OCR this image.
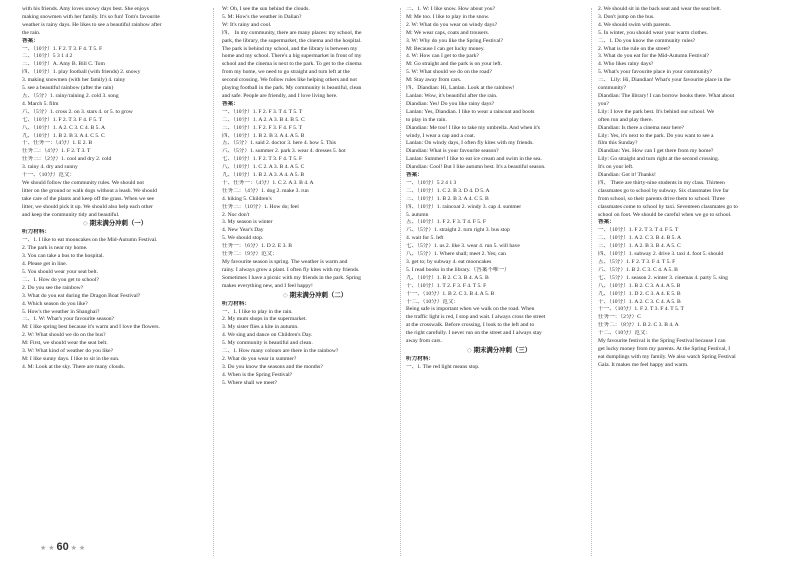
with his friends. Amy loves snowy days best. She enjoys
making snowmen with her family. It's so fun! Tom's favourite
weather is rainy days. He likes to see a beautiful rainbow after
the rain.
答案：
一、（10分）1. F 2. T 3. F 4. T 5. F
二、（10分）5 3 1 4 2
三、（10分）A. Amy B. Bill C. Tom
四、（10分）1. play football (with friends) 2. snowy
3. making snowmen (with her family) 4. rainy
5. see a beautiful rainbow (after the rain)
五、（5分）1. rainy/raining 2. cold 3. song
4. March 5. film
六、（5分）1. cross 2. on 3. stars 4. or 5. to grow
七、（10分）1. F 2. T 3. F 4. F 5. T
八、（10分）1. A 2. C 3. C 4. B 5. A
九、（10分）1. B 2. B 3. A 4. C 5. C
十、任务一：（4分）1. E 2. B
任务二：（4分）1. F 2. T 3. T
任务三：（2分）1. cool and dry 2. cold
3. rainy 4. dry and sunny
十一、（10分）范文：
We should follow the community rules. We should not
litter on the ground or walk dogs without a leash. We should
take care of the plants and keep off the grass. When we see
litter, we should pick it up. We should also help each other
and keep the community tidy and beautiful.
◇ 期末满分冲刺（一）
听力材料：
一、1. I like to eat mooncakes on the Mid-Autumn Festival.
2. The park is near my home.
3. You can take a bus to the hospital.
4. Please get in line.
5. You should wear your seat belt.
二、1. How do you get to school?
2. Do you see the rainbow?
3. What do you eat during the Dragon Boat Festival?
4. Which season do you like?
5. How's the weather in Shanghai?
三、1. W: What's your favourite season?
M: I like spring best because it's warm and I love the flowers.
2. W: What should we do on the bus?
M: First, we should wear the seat belt.
3. W: What kind of weather do you like?
M: I like sunny days. I like to sit in the sun.
4. M: Look at the sky. There are many clouds.
W: Oh, I see the sun behind the clouds.
5. M: How's the weather in Dalian?
W: It's rainy and cool.
四、 In my community, there are many places: my school, the
park, the library, the supermarket, the cinema and the hospital.
The park is behind my school, and the library is between my
home and my school. There's a big supermarket in front of my
school and the cinema is next to the park. To get to the cinema
from my home, we need to go straight and turn left at the
second crossing. We follow rules like helping others and not
playing football in the park. My community is beautiful, clean
and safe. People are friendly, and I love living here.
答案：
一、（10分）1. F 2. F 3. T 4. T 5. T
二、（10分）1. A 2. A 3. B 4. B 5. C
三、（10分）1. F 2. F 3. F 4. F 5. T
四、（10分）1. B 2. B 3. A 4. A 5. B
五、（5分）1. said 2. doctor 3. here 4. how 5. This
六、（5分）1. summer 2. park 3. wear 4. dresses 5. hot
七、（10分）1. F 2. T 3. F 4. T 5. F
八、（10分）1. C 2. A 3. B 4. A 5. C
九、（10分）1. B 2. A 3. A 4. A 5. B
十、任务一：（4分）1. C 2. A 3. B 4. A
任务二：（4分）1. dog 2. make 3. run
4. hiking 5. Children's
任务三：（10分）1. How do; feel
2. Noc don't
3. My season is winter
4. New Year's Day
5. We should stop.
任务一：（6分）1. D 2. E 3. B
任务二：（9分）范文：
My favourite season is spring. The weather is warm and
rainy. I always grow a plant. I often fly kites with my friends.
Sometimes I have a picnic with my friends in the park. Spring
makes everything new, and I feel happy!
◇ 期末满分冲刺（二）
听力材料：
一、1. I like to play in the rain.
2. My mum shops in the supermarket.
3. My sister flies a kite in autumn.
4. We sing and dance on Children's Day.
5. My community is beautiful and clean.
二、1. How many colours are there in the rainbow?
2. What do you wear in summer?
3. Do you know the seasons and the months?
4. When is the Spring Festival?
5. Where shall we meet?
三、1. W: I like snow. How about you?
M: Me too. I like to play in the snow.
2. W: What do you wear on windy days?
M: We wear caps, coats and trousers.
3. W: Why do you like the Spring Festival?
M: Because I can get lucky money.
4. W: How can I get to the park?
M: Go straight and the park is on your left.
5. W: What should we do on the road?
M: Stay away from cars.
四、Diandian: Hi, Lanlan. Look at the rainbow!
Lanlan: Wow, it's beautiful after the rain.
Diandian: Yes! Do you like rainy days?
Lanlan: Yes, Diandian. I like to wear a raincoat and boots
to play in the rain.
Diandian: Me too! I like to take my umbrella. And when it's
windy, I wear a cap and a coat.
Lanlan: On windy days, I often fly kites with my friends.
Diandian: What is your favourite season?
Lanlan: Summer! I like to eat ice cream and swim in the sea.
Diandian: Cool! But I like autumn best. It's a beautiful season.
答案：
一、（10分）5 2 4 1 3
二、（10分）1. C 2. B 3. D 4. D 5. A
三、（10分）1. B 2. B 3. A 4. C 5. B
四、（10分）1. raincoat 2. windy 3. cap 4. summer
5. autumn
五、（10分）1. F 2. F 3. T 4. F 5. F
六、（5分）1. straight 2. turn right 3. bus stop
4. wait for 5. left
七、（5分）1. us 2. like 3. wear 4. run 5. will have
八、（5分）1. Where shall; meet 2. Yes; can
3. get to; by subway 4. eat mooncakes
5. I read books in the library.（答案不唯一）
九、（10分）1. B 2. C 3. B 4. A 5. B
十、（10分）1. T 2. F 3. F 4. T 5. F
十一、（10分）1. B 2. C 3. B 4. A 5. B
十二、（10分）范文：
Being safe is important when we walk on the road. When
the traffic light is red, I stop and wait. I always cross the street
at the crosswalk. Before crossing, I look to the left and to
the right carefully. I never run on the street and I always stay
away from cars.
◇ 期末满分冲刺（三）
听力材料：
一、1. The red light means stop.
2. We should sit in the back seat and wear the seat belt.
3. Don't jump on the bus.
4. We should swim with parents.
5. In winter, you should wear your warm clothes.
二、1. Do you know the community rules?
2. What is the rule on the street?
3. What do you eat for the Mid-Autumn Festival?
4. Who likes rainy days?
5. What's your favourite place in your community?
三、 Lily: Hi, Diandian! What's your favourite place in the
community?
Diandian: The library! I can borrow books there. What about
you?
Lily: I love the park best. It's behind our school. We
often run and play there.
Diandian: Is there a cinema near here?
Lily: Yes, it's next to the park. Do you want to see a
film this Sunday?
Diandian: Yes. How can I get there from my home?
Lily: Go straight and turn right at the second crossing.
It's on your left.
Diandian: Got it! Thanks!
四、 There are thirty-nine students in my class. Thirteen
classmates go to school by subway. Six classmates live far
from school, so their parents drive them to school. Three
classmates come to school by taxi. Seventeen classmates go to
school on foot. We should be careful when we go to school.
答案：
一、（10分）1. F 2. T 3. T 4. F 5. T
二、（10分）1. A 2. C 3. B 4. B 5. A
三、（10分）1. A 2. B 3. B 4. A 5. C
四、（10分）1. subway 2. drive 3. taxi 4. foot 5. should
五、（5分）1. F 2. T 3. F 4. T 5. F
六、（5分）1. B 2. C 3. C 4. A 5. B
七、（5分）1. season 2. winter 3. cinemas 4. party 5. sing
八、（10分）1. B 2. C 3. A 4. A 5. B
九、（10分）1. D 2. C 3. A 4. E 5. B
十、（10分）1. A 2. C 3. C 4. A 5. B
十一、（10分）1. F 2. T 3. F 4. T 5. T
任务一：（2分）C
任务二：（8分）1. B 2. C 3. B 4. A
十二、（10分）范文：
My favourite festival is the Spring Festival because I can
get lucky money from my parents. At the Spring Festival, I
eat dumplings with my family. We also watch Spring Festival
Gala. It makes me feel happy and warm.
★ ★ 60 ★ ★
